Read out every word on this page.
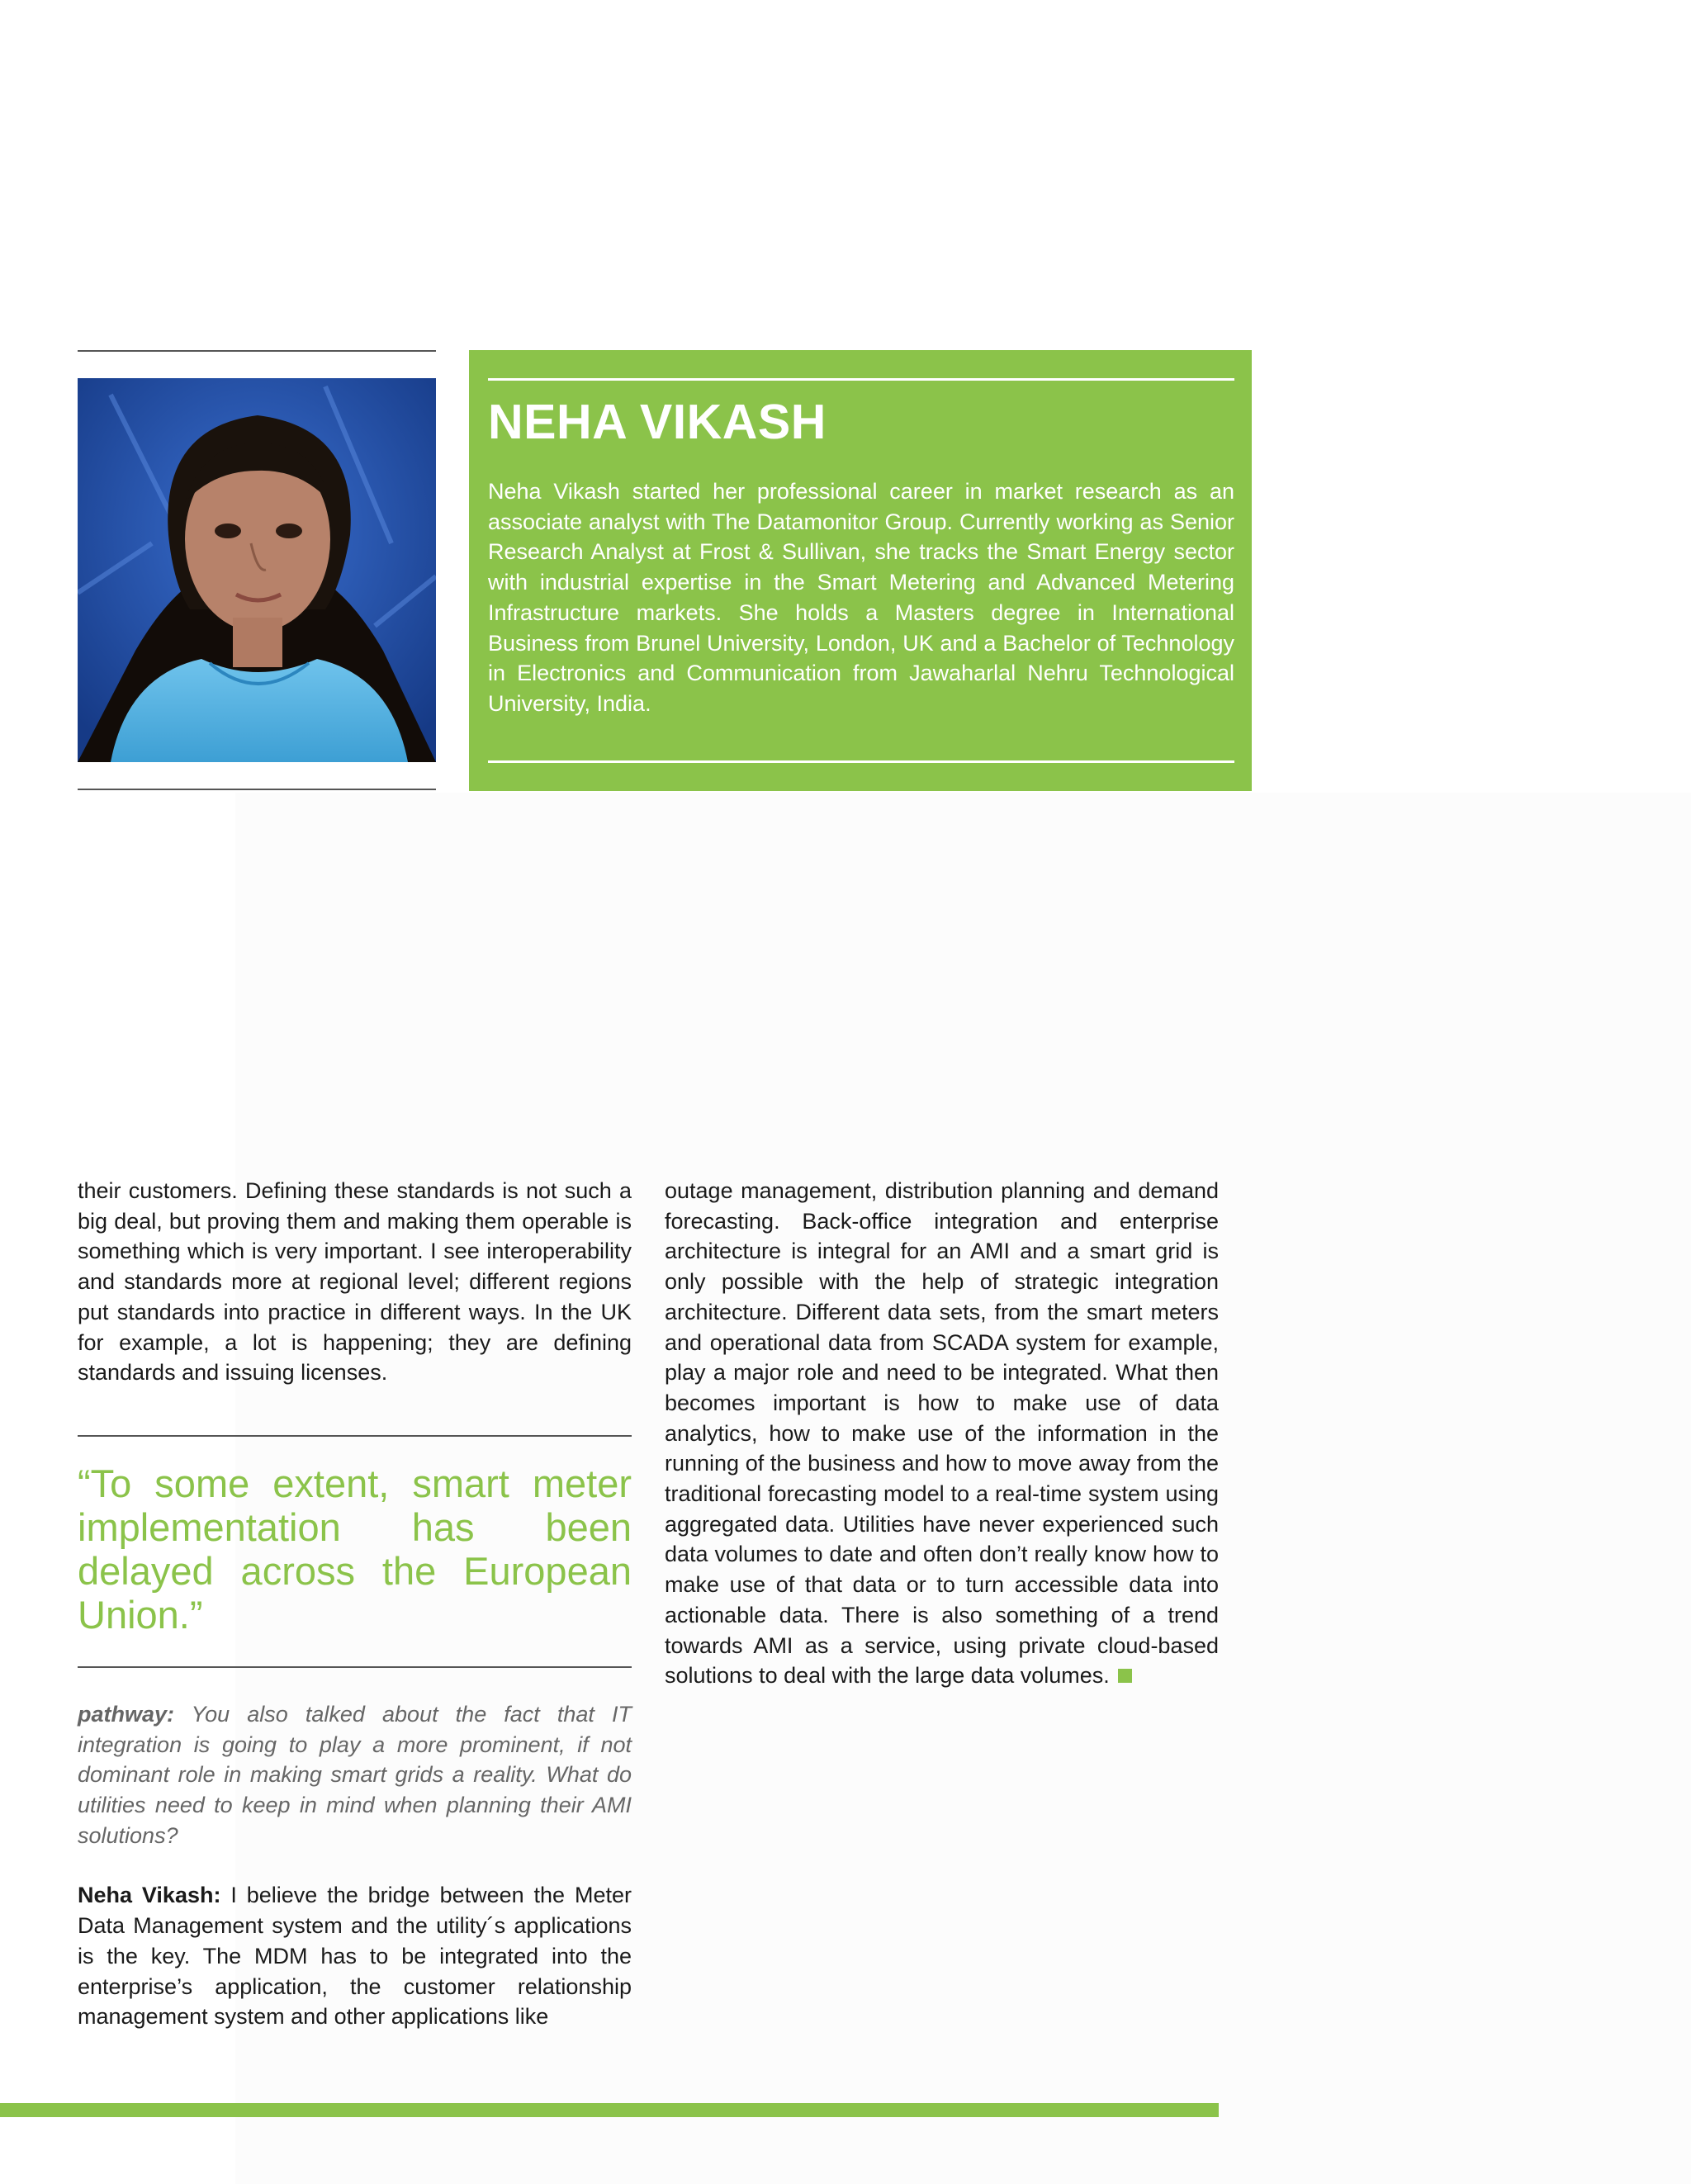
NEHA VIKASH

Neha Vikash started her professional career in market research as an associate analyst with The Datamonitor Group. Currently working as Senior Research Analyst at Frost & Sullivan, she tracks the Smart Energy sector with industrial expertise in the Smart Metering and Advanced Metering Infrastructure markets. She holds a Masters degree in International Business from Brunel University, London, UK and a Bachelor of Technology in Electronics and Communication from Jawaharlal Nehru Technological University, India.

their customers. Defining these standards is not such a big deal, but proving them and making them operable is something which is very important. I see interoperability and standards more at regional level; different regions put standards into practice in different ways. In the UK for example, a lot is happening; they are defining standards and issuing licenses.

“To some extent, smart meter implementation has been delayed across the European Union.”

pathway: You also talked about the fact that IT integration is going to play a more prominent, if not dominant role in making smart grids a reality. What do utilities need to keep in mind when planning their AMI solutions?

Neha Vikash: I believe the bridge between the Meter Data Management system and the utility´s applications is the key. The MDM has to be integrated into the enterprise’s application, the customer relationship management system and other applications like

outage management, distribution planning and demand forecasting. Back-office integration and enterprise architecture is integral for an AMI and a smart grid is only possible with the help of strategic integration architecture. Different data sets, from the smart meters and operational data from SCADA system for example, play a major role and need to be integrated. What then becomes important is how to make use of data analytics, how to make use of the information in the running of the business and how to move away from the traditional forecasting model to a real-time system using aggregated data. Utilities have never experienced such data volumes to date and often don’t really know how to make use of that data or to turn accessible data into actionable data. There is also something of a trend towards AMI as a service, using private cloud-based solutions to deal with the large data volumes.
